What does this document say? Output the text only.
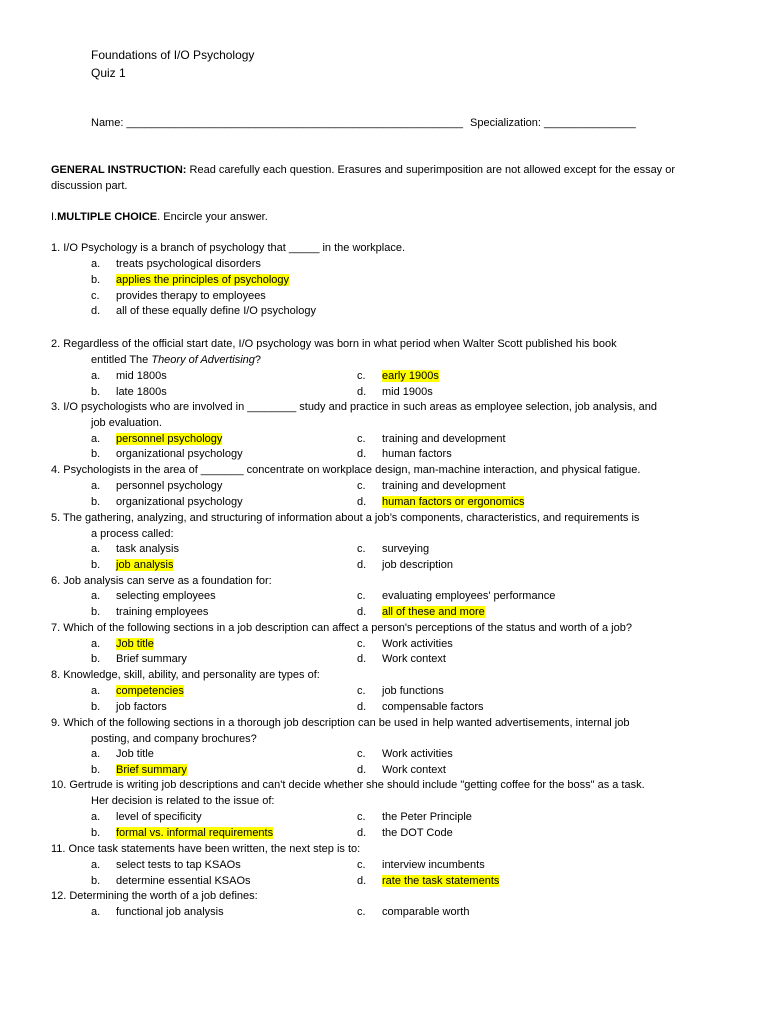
Foundations of I/O Psychology
Quiz 1
Name: _______________________________________________________ Specialization: _______________
GENERAL INSTRUCTION: Read carefully each question. Erasures and superimposition are not allowed except for the essay or discussion part.
I.MULTIPLE CHOICE. Encircle your answer.
1. I/O Psychology is a branch of psychology that _____ in the workplace.
a. treats psychological disorders
b. applies the principles of psychology
c. provides therapy to employees
d. all of these equally define I/O psychology
2. Regardless of the official start date, I/O psychology was born in what period when Walter Scott published his book
entitled The Theory of Advertising?
a. mid 1800s	c. early 1900s
b. late 1800s	d. mid 1900s
3. I/O psychologists who are involved in ________ study and practice in such areas as employee selection, job analysis, and
job evaluation.
a. personnel psychology	c. training and development
b. organizational psychology	d. human factors
4. Psychologists in the area of _______ concentrate on workplace design, man-machine interaction, and physical fatigue.
a. personnel psychology	c. training and development
b. organizational psychology	d. human factors or ergonomics
5. The gathering, analyzing, and structuring of information about a job’s components, characteristics, and requirements is
a process called:
a. task analysis	c. surveying
b. job analysis	d. job description
6. Job analysis can serve as a foundation for:
a. selecting employees	c. evaluating employees' performance
b. training employees	d. all of these and more
7. Which of the following sections in a job description can affect a person's perceptions of the status and worth of a job?
a. Job title	c. Work activities
b. Brief summary	d. Work context
8. Knowledge, skill, ability, and personality are types of:
a. competencies	c. job functions
b. job factors	d. compensable factors
9. Which of the following sections in a thorough job description can be used in help wanted advertisements, internal job
posting, and company brochures?
a. Job title	c. Work activities
b. Brief summary	d. Work context
10. Gertrude is writing job descriptions and can't decide whether she should include "getting coffee for the boss" as a task.
Her decision is related to the issue of:
a. level of specificity	c. the Peter Principle
b. formal vs. informal requirements	d. the DOT Code
11. Once task statements have been written, the next step is to:
a. select tests to tap KSAOs	c. interview incumbents
b. determine essential KSAOs	d. rate the task statements
12. Determining the worth of a job defines:
a. functional job analysis	c. comparable worth
